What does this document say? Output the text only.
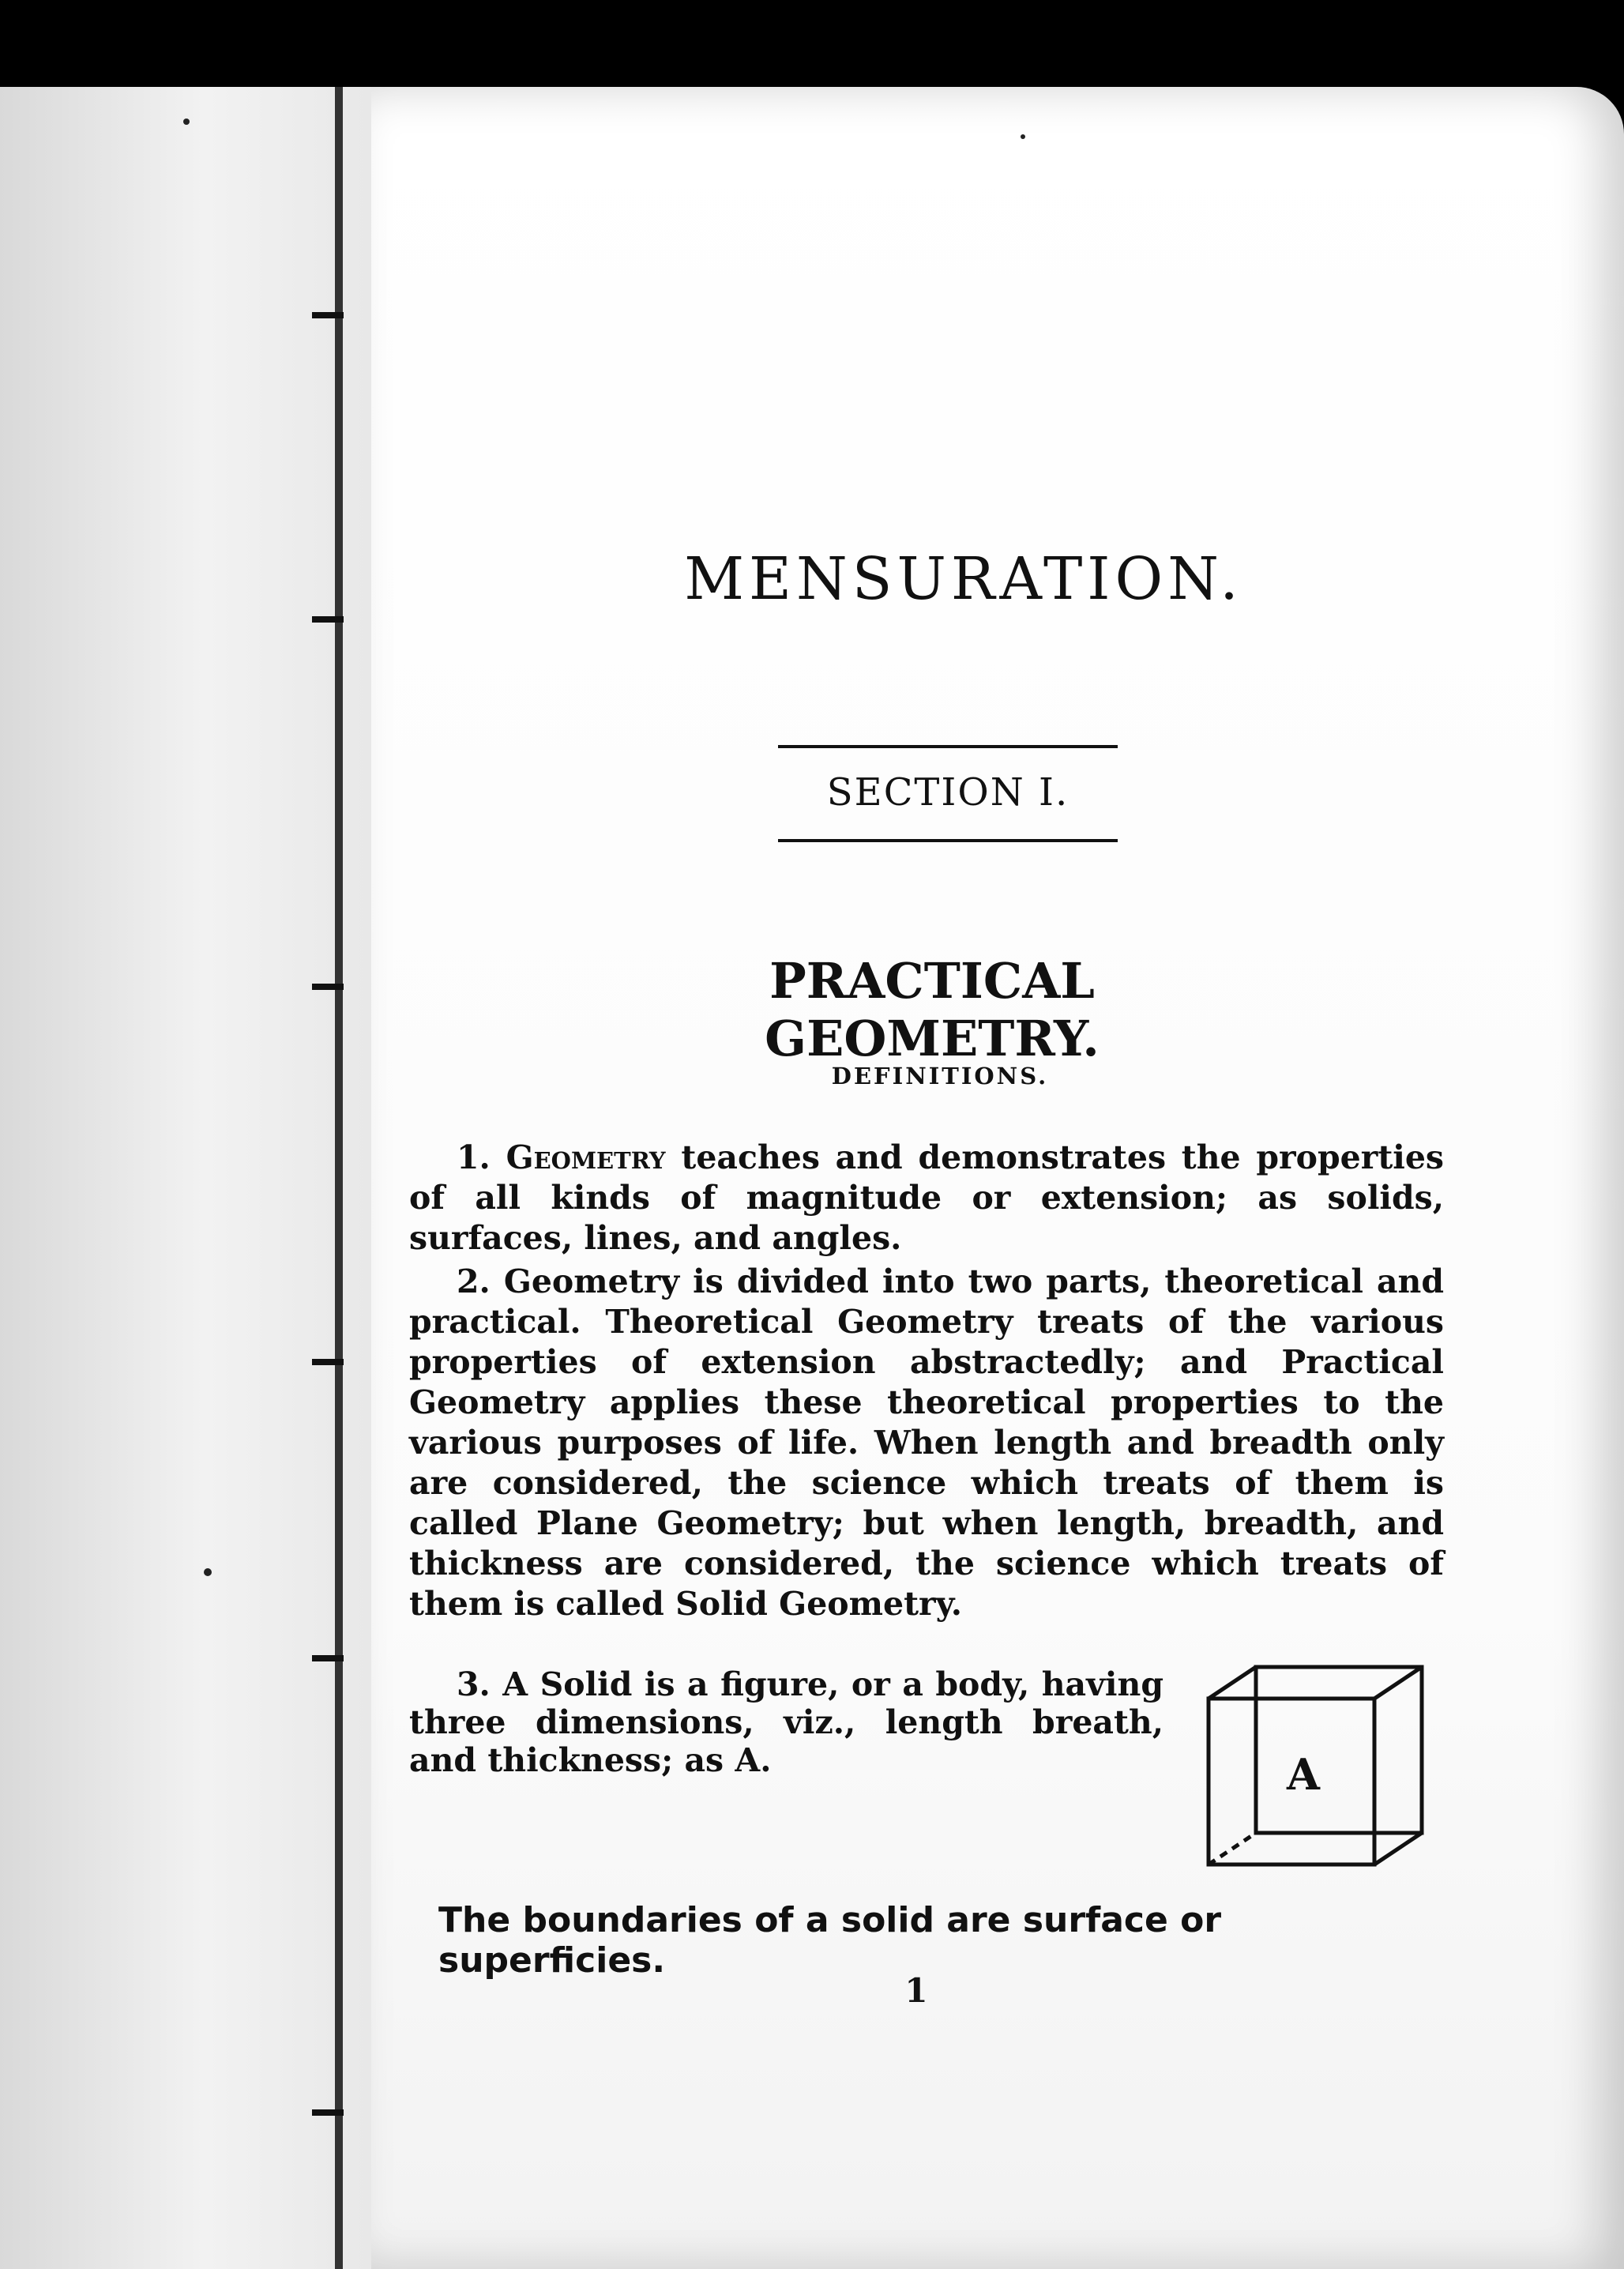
MENSURATION.
SECTION I.
PRACTICAL GEOMETRY.
DEFINITIONS.

1. Geometry teaches and demonstrates the properties of all kinds of magnitude or extension; as solids, surfaces, lines, and angles.

2. Geometry is divided into two parts, theoretical and practical. Theoretical Geometry treats of the various properties of extension abstractedly; and Practical Geometry applies these theoretical properties to the various purposes of life. When length and breadth only are considered, the science which treats of them is called Plane Geometry; but when length, breadth, and thickness are considered, the science which treats of them is called Solid Geometry.

3. A Solid is a figure, or a body, having three dimensions, viz., length breath, and thickness; as A.	A

The boundaries of a solid are surface or superficies.

1
